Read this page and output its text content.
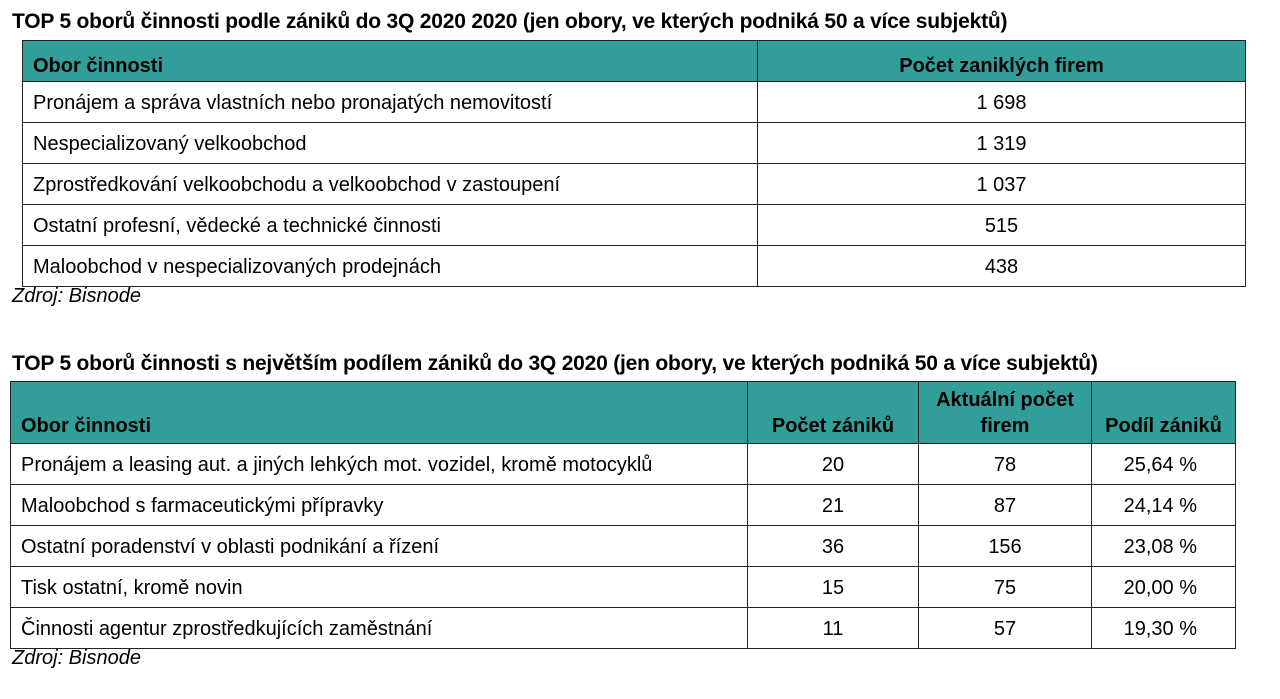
TOP 5 oborů činnosti podle zániků do 3Q 2020 2020 (jen obory, ve kterých podniká 50 a více subjektů)
Obor činnosti	Počet zaniklých firem
Pronájem a správa vlastních nebo pronajatých nemovitostí	1 698
Nespecializovaný velkoobchod	1 319
Zprostředkování velkoobchodu a velkoobchod v zastoupení	1 037
Ostatní profesní, vědecké a technické činnosti	515
Maloobchod v nespecializovaných prodejnách	438
Zdroj: Bisnode
TOP 5 oborů činnosti s největším podílem zániků do 3Q 2020 (jen obory, ve kterých podniká 50 a více subjektů)
Obor činnosti	Počet zániků	Aktuální počet firem	Podíl zániků
Pronájem a leasing aut. a jiných lehkých mot. vozidel, kromě motocyklů	20	78	25,64 %
Maloobchod s farmaceutickými přípravky	21	87	24,14 %
Ostatní poradenství v oblasti podnikání a řízení	36	156	23,08 %
Tisk ostatní, kromě novin	15	75	20,00 %
Činnosti agentur zprostředkujících zaměstnání	11	57	19,30 %
Zdroj: Bisnode
